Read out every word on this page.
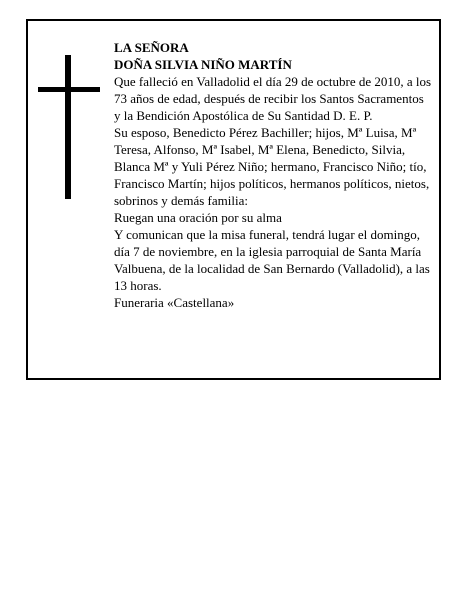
LA SEÑORA

DOÑA SILVIA NIÑO MARTÍN

Que falleció en Valladolid el día 29 de octubre de 2010, a los 73 años de edad, después de recibir los Santos Sacramentos y la Bendición Apostólica de Su Santidad D. E. P.

Su esposo, Benedicto Pérez Bachiller; hijos, Mª Luisa, Mª Teresa, Alfonso, Mª Isabel, Mª Elena, Benedicto, Silvia, Blanca Mª y Yuli Pérez Niño; hermano, Francisco Niño; tío, Francisco Martín; hijos políticos, hermanos políticos, nietos, sobrinos y demás familia:

Ruegan una oración por su alma

Y comunican que la misa funeral, tendrá lugar el domingo, día 7 de noviembre, en la iglesia parroquial de Santa María Valbuena, de la localidad de San Bernardo (Valladolid), a las 13 horas.

Funeraria «Castellana»
